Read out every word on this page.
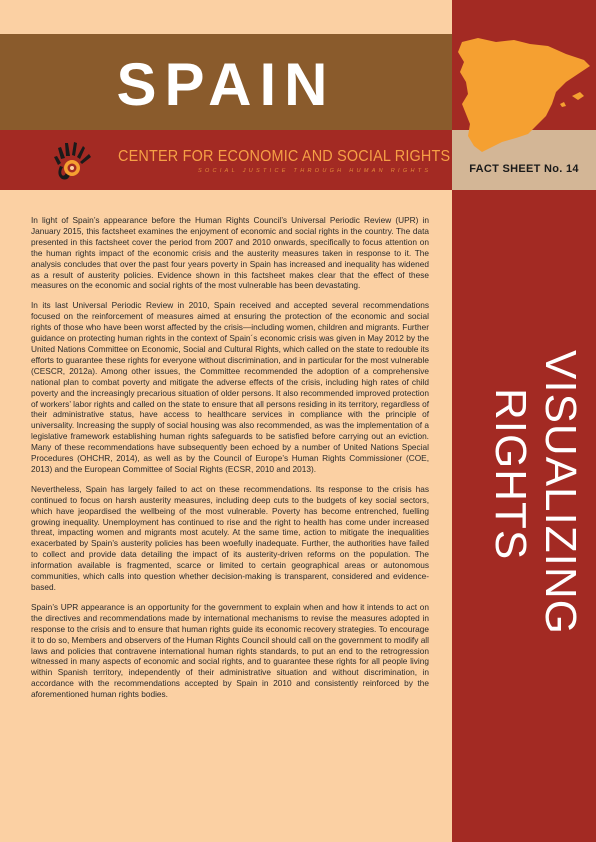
SPAIN
CENTER FOR ECONOMIC AND SOCIAL RIGHTS
SOCIAL JUSTICE THROUGH HUMAN RIGHTS	FACT SHEET No. 14
VISUALIZING
RIGHTS

In light of Spain’s appearance before the Human Rights Council’s Universal Periodic Review (UPR) in January 2015, this factsheet examines the enjoyment of economic and social rights in the country. The data presented in this factsheet cover the period from 2007 and 2010 onwards, specifically to focus attention on the human rights impact of the economic crisis and the austerity measures taken in response to it. The analysis concludes that over the past four years poverty in Spain has increased and inequality has widened as a result of austerity policies. Evidence shown in this factsheet makes clear that the effect of these measures on the economic and social rights of the most vulnerable has been devastating.

In its last Universal Periodic Review in 2010, Spain received and accepted several recommendations focused on the reinforcement of measures aimed at ensuring the protection of the economic and social rights of those who have been worst affected by the crisis—including women, children and migrants. Further guidance on protecting human rights in the context of Spain´s economic crisis was given in May 2012 by the United Nations Committee on Economic, Social and Cultural Rights, which called on the state to redouble its efforts to guarantee these rights for everyone without discrimination, and in particular for the most vulnerable (CESCR, 2012a). Among other issues, the Committee recommended the adoption of a comprehensive national plan to combat poverty and mitigate the adverse effects of the crisis, including high rates of child poverty and the increasingly precarious situation of older persons. It also recommended improved protection of workers’ labor rights and called on the state to ensure that all persons residing in its territory, regardless of their administrative status, have access to healthcare services in compliance with the principle of universality. Increasing the supply of social housing was also recommended, as was the implementation of a legislative framework establishing human rights safeguards to be satisfied before carrying out an eviction. Many of these recommendations have subsequently been echoed by a number of United Nations Special Procedures (OHCHR, 2014), as well as by the Council of Europe’s Human Rights Commissioner (COE, 2013) and the European Committee of Social Rights (ECSR, 2010 and 2013).

Nevertheless, Spain has largely failed to act on these recommendations. Its response to the crisis has continued to focus on harsh austerity measures, including deep cuts to the budgets of key social sectors, which have jeopardised the wellbeing of the most vulnerable. Poverty has become entrenched, fuelling growing inequality. Unemployment has continued to rise and the right to health has come under increased threat, impacting women and migrants most acutely. At the same time, action to mitigate the inequalities exacerbated by Spain’s austerity policies has been woefully inadequate. Further, the authorities have failed to collect and provide data detailing the impact of its austerity-driven reforms on the population. The information available is fragmented, scarce or limited to certain geographical areas or autonomous communities, which calls into question whether decision-making is transparent, considered and evidence-based.

Spain’s UPR appearance is an opportunity for the government to explain when and how it intends to act on the directives and recommendations made by international mechanisms to revise the measures adopted in response to the crisis and to ensure that human rights guide its economic recovery strategies. To encourage it to do so, Members and observers of the Human Rights Council should call on the government to modify all laws and policies that contravene international human rights standards, to put an end to the retrogression witnessed in many aspects of economic and social rights, and to guarantee these rights for all people living within Spanish territory, independently of their administrative situation and without discrimination, in accordance with the recommendations accepted by Spain in 2010 and consistently reinforced by the aforementioned human rights bodies.
